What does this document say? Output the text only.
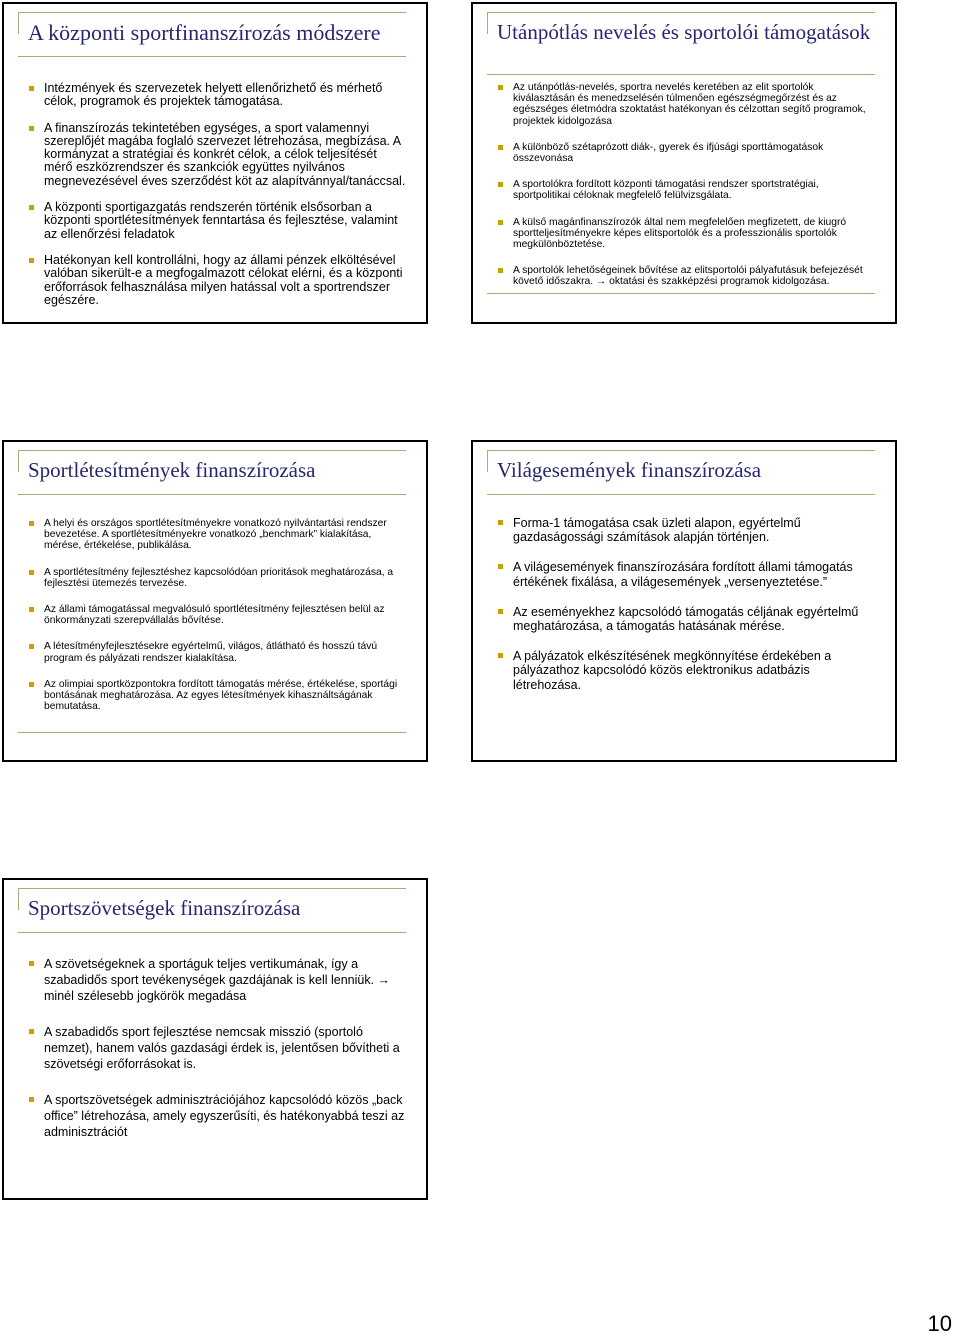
A központi sportfinanszírozás módszere
Intézmények és szervezetek helyett ellenőrizhető és mérhető célok, programok és projektek támogatása.
A finanszírozás tekintetében egységes, a sport valamennyi szereplőjét magába foglaló szervezet létrehozása, megbízása. A kormányzat a stratégiai és konkrét célok, a célok teljesítését mérő eszközrendszer és szankciók együttes nyilvános megnevezésével éves szerződést köt az alapítvánnyal/tanáccsal.
A központi sportigazgatás rendszerén történik elsősorban a központi sportlétesítmények fenntartása és fejlesztése, valamint az ellenőrzési feladatok
Hatékonyan kell kontrollálni, hogy az állami pénzek elköltésével valóban sikerült-e a megfogalmazott célokat elérni, és a központi erőforrások felhasználása milyen hatással volt a sportrendszer egészére.
Utánpótlás nevelés és sportolói támogatások
Az utánpótlás-nevelés, sportra nevelés keretében az elit sportolók kiválasztásán és menedzselésén túlmenően egészségmegőrzést és az egészséges életmódra szoktatást hatékonyan és célzottan segítő programok, projektek kidolgozása
A különböző szétaprózott diák-, gyerek és ifjúsági sporttámogatások összevonása
A sportolókra fordított központi támogatási rendszer sportstratégiai, sportpolitikai céloknak megfelelő felülvizsgálata.
A külső magánfinanszírozók által nem megfelelően megfizetett, de kiugró sportteljesítményekre képes elitsportolók és a professzionális sportolók megkülönböztetése.
A sportolók lehetőségeinek bővítése az elitsportolói pályafutásuk befejezését követő időszakra. → oktatási és szakképzési programok kidolgozása.
Sportlétesítmények finanszírozása
A helyi és országos sportlétesítményekre vonatkozó nyilvántartási rendszer bevezetése. A sportlétesítményekre vonatkozó „benchmark” kialakítása, mérése, értékelése, publikálása.
A sportlétesítmény fejlesztéshez kapcsolódóan prioritások meghatározása, a fejlesztési ütemezés tervezése.
Az állami támogatással megvalósuló sportlétesítmény fejlesztésen belül az önkormányzati szerepvállalás bővítése.
A létesítményfejlesztésekre egyértelmű, világos, átlátható és hosszú távú program és pályázati rendszer kialakítása.
Az olimpiai sportközpontokra fordított támogatás mérése, értékelése, sportági bontásának meghatározása. Az egyes létesítmények kihasználtságának bemutatása.
Világesemények finanszírozása
Forma-1 támogatása csak üzleti alapon, egyértelmű gazdaságossági számítások alapján történjen.
A világesemények finanszírozására fordított állami támogatás értékének fixálása, a világesemények „versenyeztetése.”
Az eseményekhez kapcsolódó támogatás céljának egyértelmű meghatározása, a támogatás hatásának mérése.
A pályázatok elkészítésének megkönnyítése érdekében a pályázathoz kapcsolódó közös elektronikus adatbázis létrehozása.
Sportszövetségek finanszírozása
A szövetségeknek a sportáguk teljes vertikumának, így a szabadidős sport tevékenységek gazdájának is kell lenniük. → minél szélesebb jogkörök megadása
A szabadidős sport fejlesztése nemcsak misszió (sportoló nemzet), hanem valós gazdasági érdek is, jelentősen bővítheti a szövetségi erőforrásokat is.
A sportszövetségek adminisztrációjához kapcsolódó közös „back office” létrehozása, amely egyszerűsíti, és hatékonyabbá teszi az adminisztrációt
10
